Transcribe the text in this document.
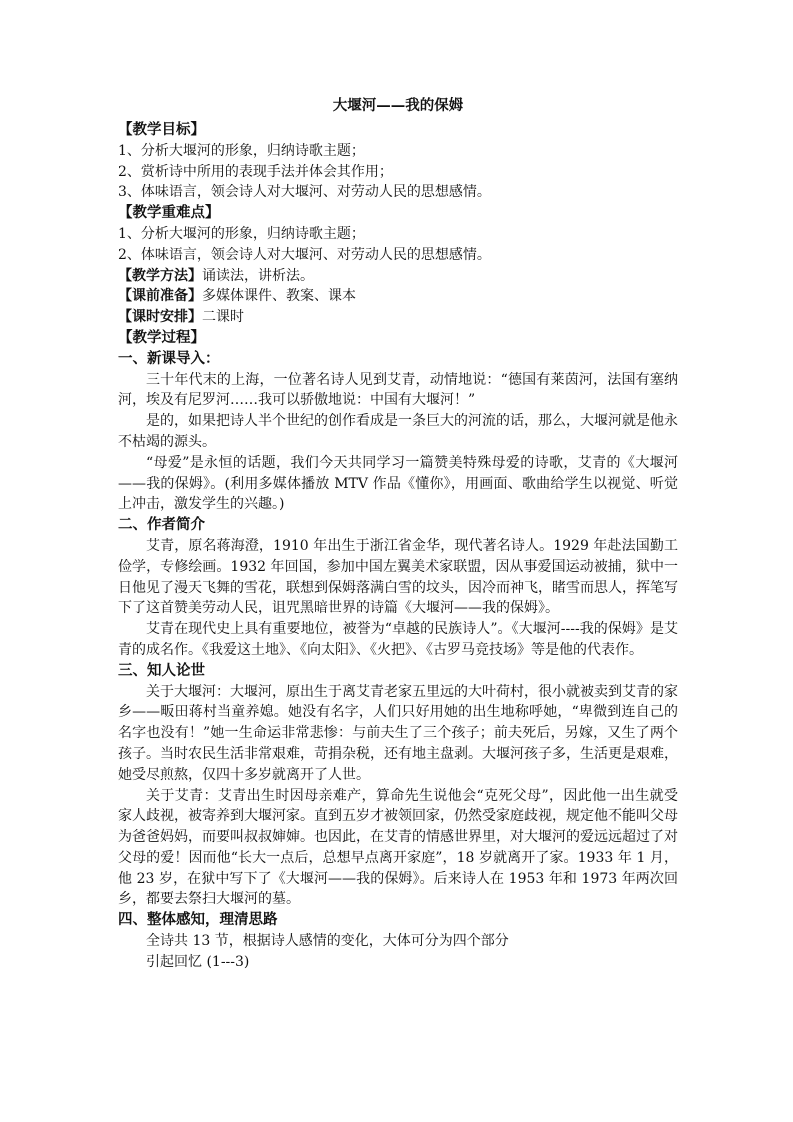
大堰河——我的保姆

【教学目标】

1、分析大堰河的形象，归纳诗歌主题；

2、赏析诗中所用的表现手法并体会其作用；

3、体味语言，领会诗人对大堰河、对劳动人民的思想感情。

【教学重难点】

1、分析大堰河的形象，归纳诗歌主题；

2、体味语言，领会诗人对大堰河、对劳动人民的思想感情。

【教学方法】诵读法，讲析法。

【课前准备】多媒体课件、教案、课本

【课时安排】二课时

【教学过程】

一、新课导入：

三十年代末的上海，一位著名诗人见到艾青，动情地说：“德国有莱茵河，法国有塞纳河，埃及有尼罗河……我可以骄傲地说：中国有大堰河！”

是的，如果把诗人半个世纪的创作看成是一条巨大的河流的话，那么，大堰河就是他永不枯竭的源头。

“母爱”是永恒的话题，我们今天共同学习一篇赞美特殊母爱的诗歌，艾青的《大堰河——我的保姆》。(利用多媒体播放 MTV 作品《懂你》，用画面、歌曲给学生以视觉、听觉上冲击，激发学生的兴趣。)

二、作者简介

艾青，原名蒋海澄，1910 年出生于浙江省金华，现代著名诗人。1929 年赴法国勤工俭学，专修绘画。1932 年回国，参加中国左翼美术家联盟，因从事爱国运动被捕，狱中一日他见了漫天飞舞的雪花，联想到保姆落满白雪的坟头，因冷而神飞，睹雪而思人，挥笔写下了这首赞美劳动人民，诅咒黑暗世界的诗篇《大堰河——我的保姆》。

艾青在现代史上具有重要地位，被誉为“卓越的民族诗人”。《大堰河----我的保姆》是艾青的成名作。《我爱这土地》、《向太阳》、《火把》、《古罗马竞技场》等是他的代表作。

三、知人论世

关于大堰河：大堰河，原出生于离艾青老家五里远的大叶荷村，很小就被卖到艾青的家乡——畈田蒋村当童养媳。她没有名字，人们只好用她的出生地称呼她，“卑微到连自己的名字也没有！”她一生命运非常悲惨：与前夫生了三个孩子；前夫死后，另嫁，又生了两个孩子。当时农民生活非常艰难，苛捐杂税，还有地主盘剥。大堰河孩子多，生活更是艰难，她受尽煎熬，仅四十多岁就离开了人世。

关于艾青：艾青出生时因母亲难产，算命先生说他会“克死父母”，因此他一出生就受家人歧视，被寄养到大堰河家。直到五岁才被领回家，仍然受家庭歧视，规定他不能叫父母为爸爸妈妈，而要叫叔叔婶婶。也因此，在艾青的情感世界里，对大堰河的爱远远超过了对父母的爱！因而他“长大一点后，总想早点离开家庭”，18 岁就离开了家。1933 年 1 月，他 23 岁，在狱中写下了《大堰河——我的保姆》。后来诗人在 1953 年和 1973 年两次回乡，都要去祭扫大堰河的墓。

四、整体感知，理清思路

全诗共 13 节，根据诗人感情的变化，大体可分为四个部分

引起回忆 (1---3)
